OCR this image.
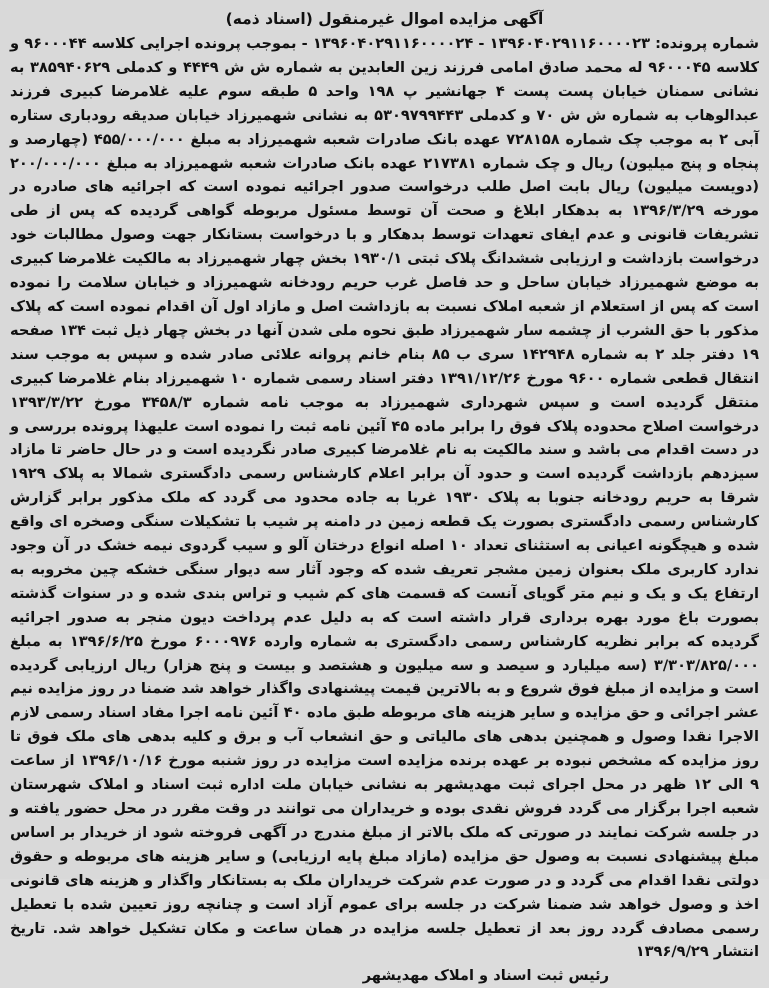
آگهی مزایده اموال غیرمنقول (اسناد ذمه)
شماره پرونده: ۱۳۹۶۰۴۰۲۹۱۱۶۰۰۰۰۲۳ - ۱۳۹۶۰۴۰۲۹۱۱۶۰۰۰۰۲۴ - بموجب پرونده اجرایی کلاسه ۹۶۰۰۰۴۴ و کلاسه ۹۶۰۰۰۴۵ له محمد صادق امامی فرزند زین العابدین به شماره ش ش ۴۴۴۹ و کدملی ۳۸۵۹۴۰۶۲۹ به نشانی سمنان خیابان پست پست ۴ جهانشیر پ ۱۹۸ واحد ۵ طبقه سوم علیه غلامرضا کبیری فرزند عبدالوهاب به شماره ش ش ۷۰ و کدملی ۵۳۰۹۷۹۹۴۴۳ به نشانی شهمیرزاد خیابان صدیقه رودباری ستاره آبی ۲ به موجب چک شماره ۷۲۸۱۵۸ عهده بانک صادرات شعبه شهمیرزاد به مبلغ ۴۵۵/۰۰۰/۰۰۰ (چهارصد و پنجاه و پنج میلیون) ریال و چک شماره ۲۱۷۳۸۱ عهده بانک صادرات شعبه شهمیرزاد به مبلغ ۲۰۰/۰۰۰/۰۰۰ (دویست میلیون) ریال بابت اصل طلب درخواست صدور اجرائیه نموده است که اجرائیه های صادره در مورخه ۱۳۹۶/۳/۲۹ به بدهکار ابلاغ و صحت آن توسط مسئول مربوطه گواهی گردیده که پس از طی تشریفات قانونی و عدم ایفای تعهدات توسط بدهکار و با درخواست بستانکار جهت وصول مطالبات خود درخواست بازداشت و ارزیابی ششدانگ پلاک ثبتی ۱۹۳۰/۱ بخش چهار شهمیرزاد به مالکیت غلامرضا کبیری به موضع شهمیرزاد خیابان ساحل و حد فاصل غرب حریم رودخانه شهمیرزاد و خیابان سلامت را نموده است که پس از استعلام از شعبه املاک نسبت به بازداشت اصل و مازاد اول آن اقدام نموده است که پلاک مذکور با حق الشرب از چشمه سار شهمیرزاد طبق نحوه ملی شدن آنها در بخش چهار ذیل ثبت ۱۳۴ صفحه ۱۹ دفتر جلد ۲ به شماره ۱۴۲۹۴۸ سری ب ۸۵ بنام خانم پروانه علائی صادر شده و سپس به موجب سند انتقال قطعی شماره ۹۶۰۰ مورخ ۱۳۹۱/۱۲/۲۶ دفتر اسناد رسمی شماره ۱۰ شهمیرزاد بنام غلامرضا کبیری منتقل گردیده است و سپس شهرداری شهمیرزاد به موجب نامه شماره ۳۴۵۸/۳ مورخ ۱۳۹۳/۳/۲۲ درخواست اصلاح محدوده پلاک فوق را برابر ماده ۴۵ آئین نامه ثبت را نموده است علیهذا پرونده بررسی و در دست اقدام می باشد و سند مالکیت به نام غلامرضا کبیری صادر نگردیده است و در حال حاضر تا مازاد سیزدهم بازداشت گردیده است و حدود آن برابر اعلام کارشناس رسمی دادگستری شمالا به پلاک ۱۹۲۹ شرقا به حریم رودخانه جنوبا به پلاک ۱۹۳۰ غربا به جاده محدود می گردد که ملک مذکور برابر گزارش کارشناس رسمی دادگستری بصورت یک قطعه زمین در دامنه پر شیب با تشکیلات سنگی وصخره ای واقع شده و هیچگونه اعیانی به استثنای تعداد ۱۰ اصله انواع درختان آلو و سیب گردوی نیمه خشک در آن وجود ندارد کاربری ملک بعنوان زمین مشجر تعریف شده که وجود آثار سه دیوار سنگی خشکه چین مخروبه به ارتفاع یک و یک و نیم متر گویای آنست که قسمت های کم شیب و تراس بندی شده و در سنوات گذشته بصورت باغ مورد بهره برداری قرار داشته است که به دلیل عدم پرداخت دیون منجر به صدور اجرائیه گردیده که برابر نظریه کارشناس رسمی دادگستری به شماره وارده ۶۰۰۰۹۷۶ مورخ ۱۳۹۶/۶/۲۵ به مبلغ ۳/۳۰۳/۸۲۵/۰۰۰ (سه میلیارد و سیصد و سه میلیون و هشتصد و بیست و پنج هزار) ریال ارزیابی گردیده است و مزایده از مبلغ فوق شروع و به بالاترین قیمت پیشنهادی واگذار خواهد شد ضمنا در روز مزایده نیم عشر اجرائی و حق مزایده و سایر هزینه های مربوطه طبق ماده ۴۰ آئین نامه اجرا مفاد اسناد رسمی لازم الاجرا نقدا وصول و همچنین بدهی های مالیاتی و حق انشعاب آب و برق و کلیه بدهی های ملک فوق تا روز مزایده که مشخص نبوده بر عهده برنده مزایده است مزایده در روز شنبه مورخ ۱۳۹۶/۱۰/۱۶ از ساعت ۹ الی ۱۲ ظهر در محل اجرای ثبت مهدیشهر به نشانی خیابان ملت اداره ثبت اسناد و املاک شهرستان شعبه اجرا برگزار می گردد فروش نقدی بوده و خریداران می توانند در وقت مقرر در محل حضور یافته و در جلسه شرکت نمایند در صورتی که ملک بالاتر از مبلغ مندرج در آگهی فروخته شود از خریدار بر اساس مبلغ پیشنهادی نسبت به وصول حق مزایده (مازاد مبلغ پایه ارزیابی) و سایر هزینه های مربوطه و حقوق دولتی نقدا اقدام می گردد و در صورت عدم شرکت خریداران ملک به بستانکار واگذار و هزینه های قانونی اخذ و وصول خواهد شد ضمنا شرکت در جلسه برای عموم آزاد است و چنانچه روز تعیین شده با تعطیل رسمی مصادف گردد روز بعد از تعطیل جلسه مزایده در همان ساعت و مکان تشکیل خواهد شد. تاریخ انتشار ۱۳۹۶/۹/۲۹
رئیس ثبت اسناد و املاک مهدیشهر
